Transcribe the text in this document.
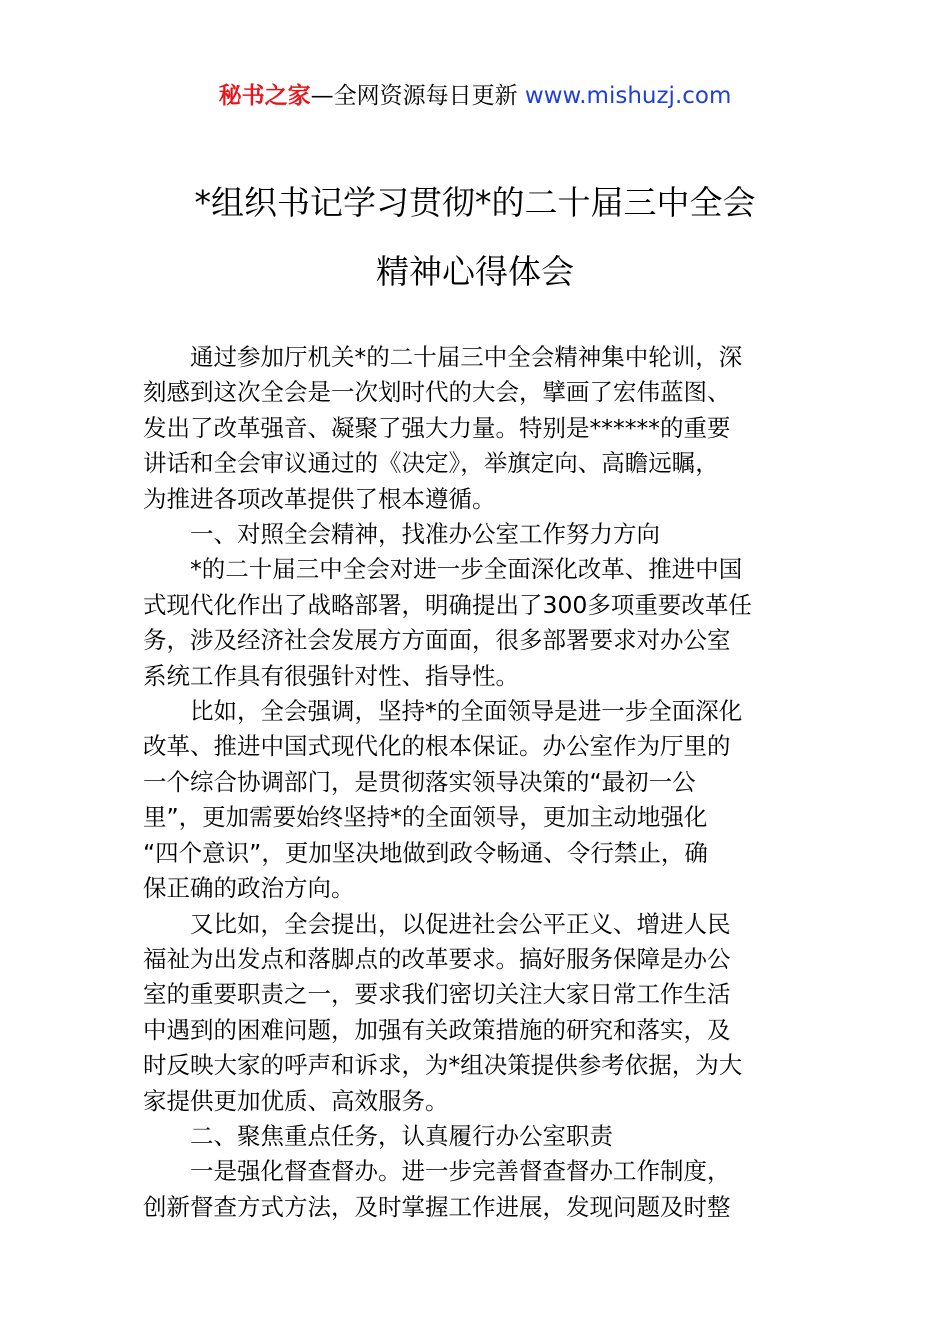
秘书之家—全网资源每日更新 www.mishuzj.com
*组织书记学习贯彻*的二十届三中全会
精神心得体会

通过参加厅机关*的二十届三中全会精神集中轮训，深
刻感到这次全会是一次划时代的大会，擘画了宏伟蓝图、
发出了改革强音、凝聚了强大力量。特别是******的重要
讲话和全会审议通过的《决定》，举旗定向、高瞻远瞩，
为推进各项改革提供了根本遵循。

一、对照全会精神，找准办公室工作努力方向

*的二十届三中全会对进一步全面深化改革、推进中国
式现代化作出了战略部署，明确提出了300多项重要改革任
务，涉及经济社会发展方方面面，很多部署要求对办公室
系统工作具有很强针对性、指导性。

比如，全会强调，坚持*的全面领导是进一步全面深化
改革、推进中国式现代化的根本保证。办公室作为厅里的
一个综合协调部门，是贯彻落实领导决策的“最初一公
里”，更加需要始终坚持*的全面领导，更加主动地强化
“四个意识”，更加坚决地做到政令畅通、令行禁止，确
保正确的政治方向。

又比如，全会提出，以促进社会公平正义、增进人民
福祉为出发点和落脚点的改革要求。搞好服务保障是办公
室的重要职责之一，要求我们密切关注大家日常工作生活
中遇到的困难问题，加强有关政策措施的研究和落实，及
时反映大家的呼声和诉求，为*组决策提供参考依据，为大
家提供更加优质、高效服务。

二、聚焦重点任务，认真履行办公室职责

一是强化督查督办。进一步完善督查督办工作制度，
创新督查方式方法，及时掌握工作进展，发现问题及时整
